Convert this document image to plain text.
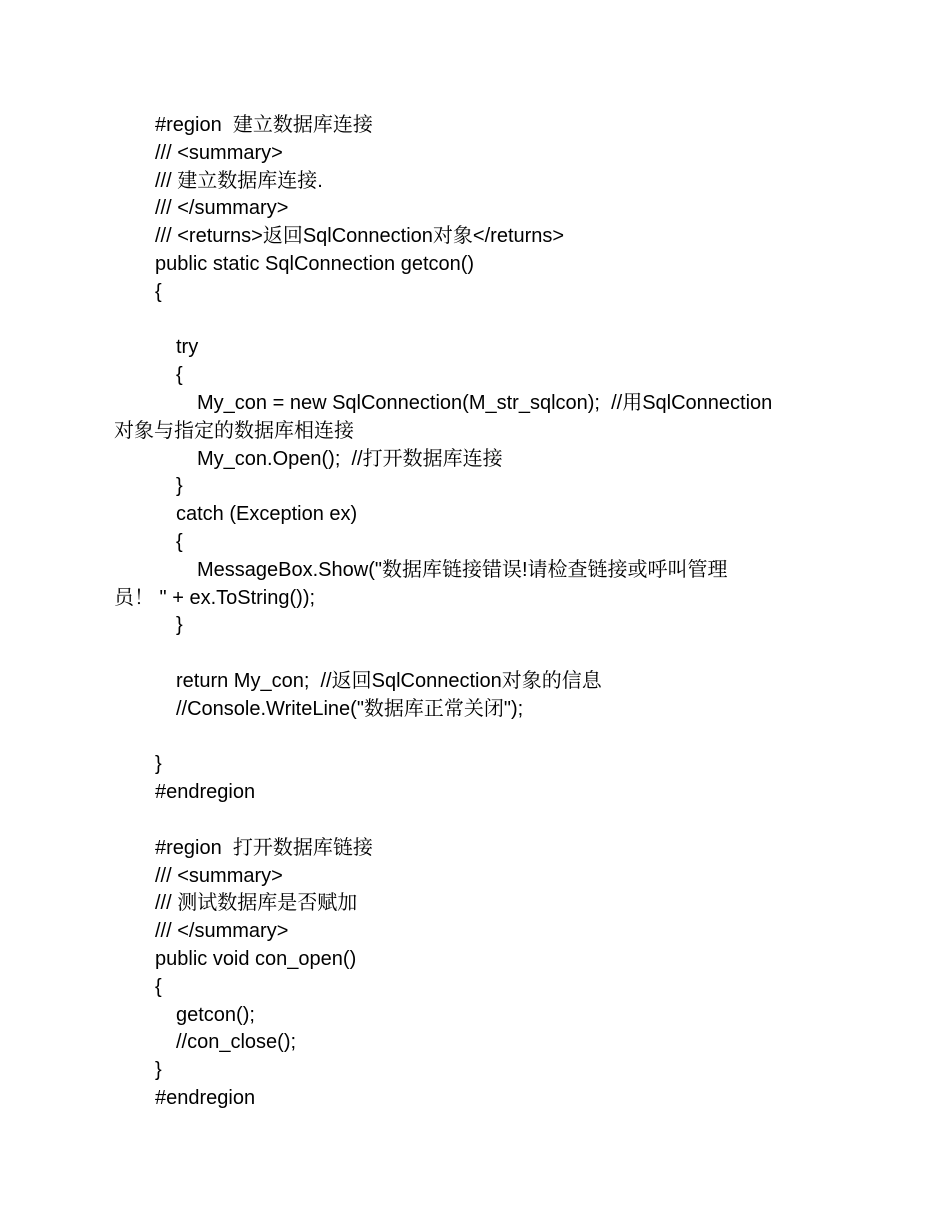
#region  建立数据库连接
/// <summary>
/// 建立数据库连接.
/// </summary>
/// <returns>返回SqlConnection对象</returns>
public static SqlConnection getcon()
{
try
{
My_con = new SqlConnection(M_str_sqlcon);  //用SqlConnection
对象与指定的数据库相连接
My_con.Open();  //打开数据库连接
}
catch (Exception ex)
{
MessageBox.Show("数据库链接错误!请检查链接或呼叫管理
员！ " + ex.ToString());
}
return My_con;  //返回SqlConnection对象的信息
//Console.WriteLine("数据库正常关闭");
}
#endregion
#region  打开数据库链接
/// <summary>
/// 测试数据库是否赋加
/// </summary>
public void con_open()
{
getcon();
//con_close();
}
#endregion
